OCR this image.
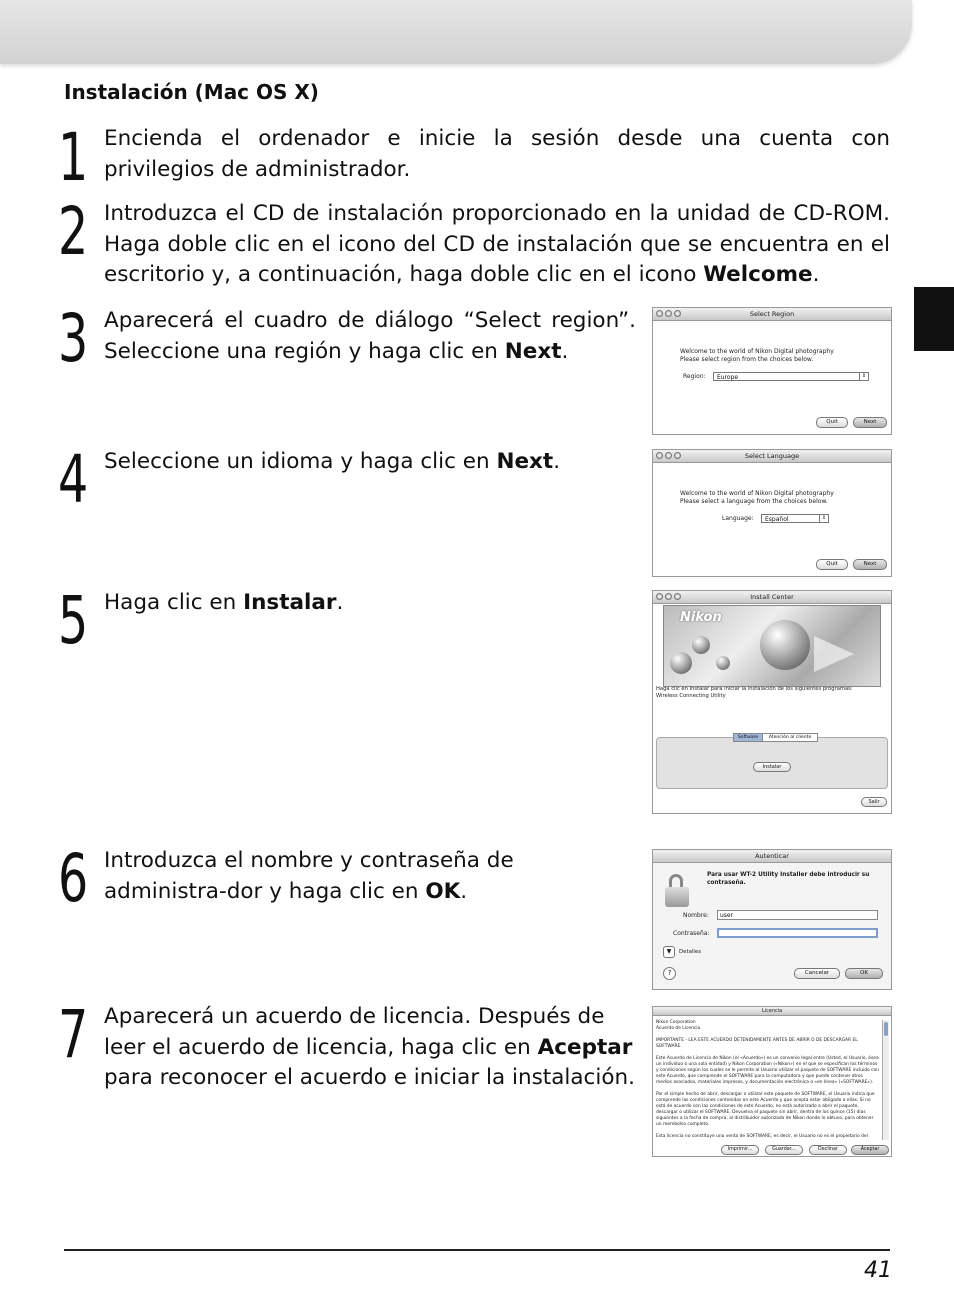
Instalación (Mac OS X)
1 Encienda el ordenador e inicie la sesión desde una cuenta con privilegios de administrador.
2 Introduzca el CD de instalación proporcionado en la unidad de CD-ROM. Haga doble clic en el icono del CD de instalación que se encuentra en el escritorio y, a continuación, haga doble clic en el icono Welcome.
3 Aparecerá el cuadro de diálogo “Select region”. Seleccione una región y haga clic en Next.
4 Seleccione un idioma y haga clic en Next.
5 Haga clic en Instalar.
6 Introduzca el nombre y contraseña de administra-dor y haga clic en OK.
7 Aparecerá un acuerdo de licencia. Después de leer el acuerdo de licencia, haga clic en Aceptar para reconocer el acuerdo e iniciar la instalación.
Select Region
Welcome to the world of Nikon Digital photography
Please select region from the choices below.
Region:	Europe	⇕
Quit	Next
Select Language
Welcome to the world of Nikon Digital photography
Please select a language from the choices below.
Language:	Español	⇕
Quit	Next
Install Center
Nikon
Haga clic en Instalar para iniciar la instalación de los siguientes programas:
Wireless Connecting Utility
Software	Atención al cliente
Instalar
Salir
Autenticar
Para usar WT-2 Utility Installer debe introducir su contraseña.
Nombre:	user
Contraseña:
▼	Detalles
?	Cancelar	OK
Licencia
Nikon Corporation
Acuerdo de Licencia

IMPORTANTE - LEA ESTE ACUERDO DETENIDAMENTE ANTES DE ABRIR O DE DESCARGAR EL SOFTWARE.

Este Acuerdo de Licencia de Nikon (el «Acuerdo») es un convenio legal entre (Usted, el Usuario, ésea un individuo o una sola entidad) y Nikon Corporation («Nikon») en el que se especifican los términos y condiciones según los cuales se le permite al Usuario utilizar el paquete de SOFTWARE incluido con este Acuerdo, que comprende el SOFTWARE para la computadora y que puede contener otros medios asociados, materiales impresos, y documentación electrónica o «en línea» («SOFTWARE»).

Por el simple hecho de abrir, descargar o utilizar este paquete de SOFTWARE, el Usuario indica que comprende las condiciones contenidas en este Acuerdo y que acepta estar obligado a ellas. Si no está de acuerdo con las condiciones de este Acuerdo, no está autorizado a abrir el paquete, descargar o utilizar el SOFTWARE. Devuelva el paquete sin abrir, dentro de los quince (15) días siguientes a la fecha de compra, al distribuidor autorizado de Nikon donde lo obtuvo, para obtener un reembolso completo.

Esta licencia no constituye una venta de SOFTWARE, es decir, el Usuario no es el propietario del
Imprimir...	Guardar...	Declinar	Aceptar
41
